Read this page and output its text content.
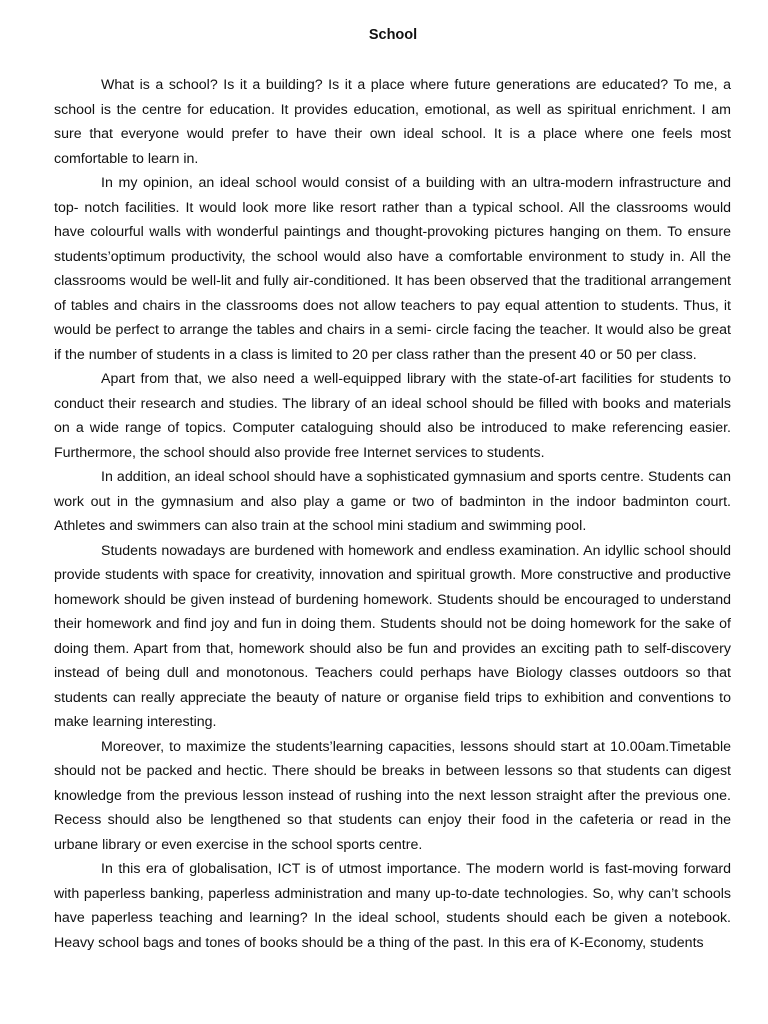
School

What is a school? Is it a building? Is it a place where future generations are educated? To me, a school is the centre for education. It provides education, emotional, as well as spiritual enrichment. I am sure that everyone would prefer to have their own ideal school. It is a place where one feels most comfortable to learn in.

In my opinion, an ideal school would consist of a building with an ultra-modern infrastructure and top- notch facilities. It would look more like resort rather than a typical school. All the classrooms would have colourful walls with wonderful paintings and thought-provoking pictures hanging on them. To ensure students’optimum productivity, the school would also have a comfortable environment to study in. All the classrooms would be well-lit and fully air-conditioned. It has been observed that the traditional arrangement of tables and chairs in the classrooms does not allow teachers to pay equal attention to students. Thus, it would be perfect to arrange the tables and chairs in a semi- circle facing the teacher. It would also be great if the number of students in a class is limited to 20 per class rather than the present 40 or 50 per class.

Apart from that, we also need a well-equipped library with the state-of-art facilities for students to conduct their research and studies. The library of an ideal school should be filled with books and materials on a wide range of topics. Computer cataloguing should also be introduced to make referencing easier. Furthermore, the school should also provide free Internet services to students.

In addition, an ideal school should have a sophisticated gymnasium and sports centre. Students can work out in the gymnasium and also play a game or two of badminton in the indoor badminton court. Athletes and swimmers can also train at the school mini stadium and swimming pool.

Students nowadays are burdened with homework and endless examination. An idyllic school should provide students with space for creativity, innovation and spiritual growth. More constructive and productive homework should be given instead of burdening homework. Students should be encouraged to understand their homework and find joy and fun in doing them. Students should not be doing homework for the sake of doing them. Apart from that, homework should also be fun and provides an exciting path to self-discovery instead of being dull and monotonous. Teachers could perhaps have Biology classes outdoors so that students can really appreciate the beauty of nature or organise field trips to exhibition and conventions to make learning interesting.

Moreover, to maximize the students’learning capacities, lessons should start at 10.00am.Timetable should not be packed and hectic. There should be breaks in between lessons so that students can digest knowledge from the previous lesson instead of rushing into the next lesson straight after the previous one. Recess should also be lengthened so that students can enjoy their food in the cafeteria or read in the urbane library or even exercise in the school sports centre.

In this era of globalisation, ICT is of utmost importance. The modern world is fast-moving forward with paperless banking, paperless administration and many up-to-date technologies. So, why can’t schools have paperless teaching and learning? In the ideal school, students should each be given a notebook. Heavy school bags and tones of books should be a thing of the past. In this era of K-Economy, students
